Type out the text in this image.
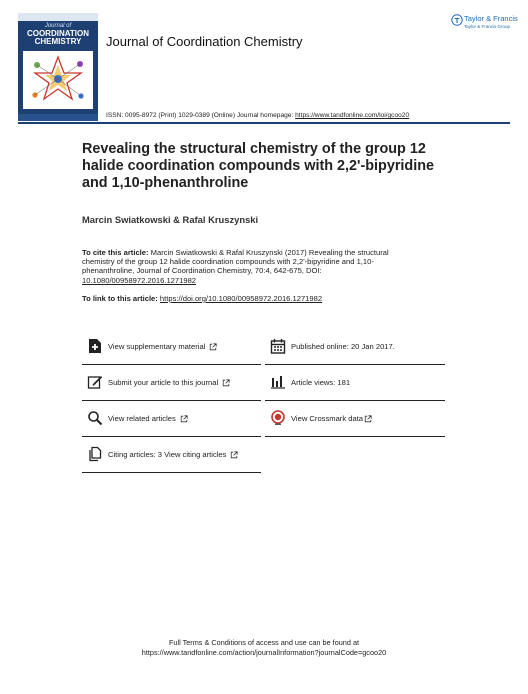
Journal of
COORDINATION CHEMISTRY
Taylor & Francis
Taylor & Francis Group
Journal of Coordination Chemistry
ISSN: 0095-8972 (Print) 1029-0389 (Online) Journal homepage: https://www.tandfonline.com/loi/gcoo20
Revealing the structural chemistry of the group 12 halide coordination compounds with 2,2'-bipyridine and 1,10-phenanthroline
Marcin Swiatkowski & Rafal Kruszynski
To cite this article: Marcin Swiatkowski & Rafal Kruszynski (2017) Revealing the structural chemistry of the group 12 halide coordination compounds with 2,2'-bipyridine and 1,10-phenanthroline, Journal of Coordination Chemistry, 70:4, 642-675, DOI: 10.1080/00958972.2016.1271982
To link to this article: https://doi.org/10.1080/00958972.2016.1271982
View supplementary material	Published online: 20 Jan 2017.
Submit your article to this journal	Article views: 181
View related articles	View Crossmark data
Citing articles: 3 View citing articles
Full Terms & Conditions of access and use can be found at
https://www.tandfonline.com/action/journalInformation?journalCode=gcoo20
